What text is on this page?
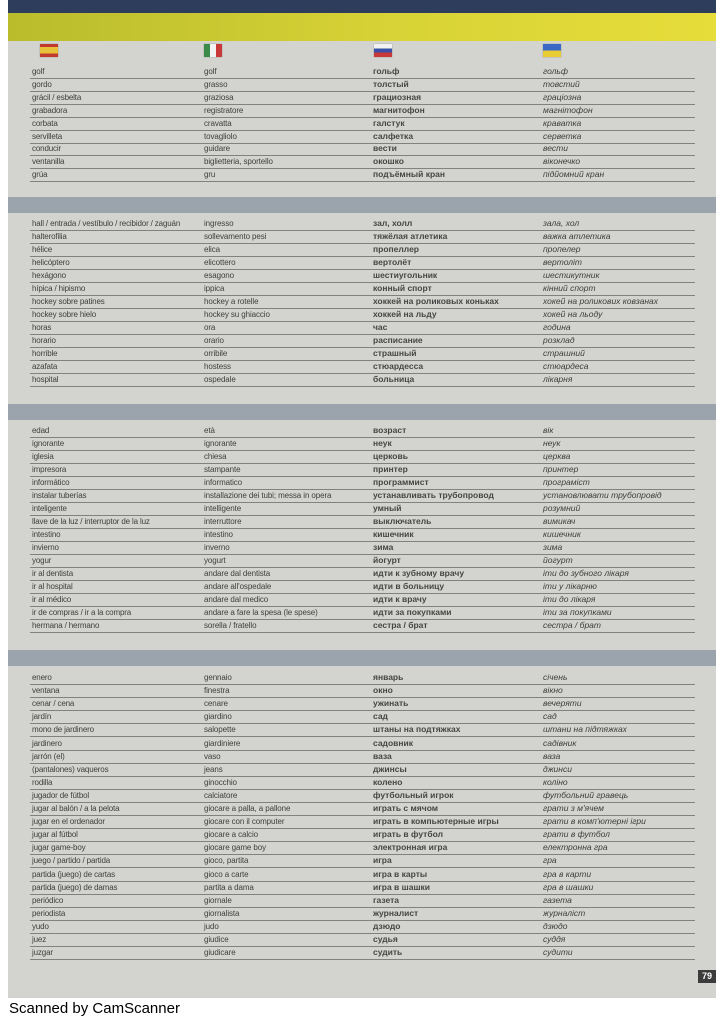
golf	golf	гольф	гольф
gordo	grasso	толстый	товстий
grácil / esbelta	graziosa	грациозная	граціозна
grabadora	registratore	магнитофон	магнітофон
corbata	cravatta	галстук	краватка
servilleta	tovagliolo	салфетка	серветка
conducir	guidare	вести	вести
ventanilla	biglietteria, sportello	окошко	віконечко
grúa	gru	подъёмный кран	підйомний кран
hall / entrada / vestíbulo / recibidor / zaguán	ingresso	зал, холл	зала, хол
halterofilia	sollevamento pesi	тяжёлая атлетика	важка атлетика
hélice	elica	пропеллер	пропелер
helicóptero	elicottero	вертолёт	вертоліт
hexágono	esagono	шестиугольник	шестикутник
hípica / hipismo	ippica	конный спорт	кінний спорт
hockey sobre patines	hockey a rotelle	хоккей на роликовых коньках	хокей на роликових ковзанах
hockey sobre hielo	hockey su ghiaccio	хоккей на льду	хокей на льоду
horas	ora	час	година
horario	orario	расписание	розклад
horrible	orribile	страшный	страшний
azafata	hostess	стюардесса	стюардеса
hospital	ospedale	больница	лікарня
edad	età	возраст	вік
ignorante	ignorante	неук	неук
iglesia	chiesa	церковь	церква
impresora	stampante	принтер	принтер
informático	informatico	программист	програміст
instalar tuberías	installazione dei tubi; messa in opera	устанавливать трубопровод	установлювати трубопровід
inteligente	intelligente	умный	розумний
llave de la luz / interruptor de la luz	interruttore	выключатель	вимикач
intestino	intestino	кишечник	кишечник
invierno	inverno	зима	зима
yogur	yogurt	йогурт	йогурт
ir al dentista	andare dal dentista	идти к зубному врачу	іти до зубного лікаря
ir al hospital	andare all'ospedale	идти в больницу	іти у лікарню
ir al médico	andare dal medico	идти к врачу	іти до лікаря
ir de compras / ir a la compra	andare a fare la spesa (le spese)	идти за покупками	іти за покупками
hermana / hermano	sorella / fratello	сестра / брат	сестра / брат
enero	gennaio	январь	січень
ventana	finestra	окно	вікно
cenar / cena	cenare	ужинать	вечеряти
jardín	giardino	сад	сад
mono de jardinero	salopette	штаны на подтяжках	штани на підтяжках
jardinero	giardiniere	садовник	садівник
jarrón (el)	vaso	ваза	ваза
(pantalones) vaqueros	jeans	джинсы	джинси
rodilla	ginocchio	колено	коліно
jugador de fútbol	calciatore	футбольный игрок	футбольний гравець
jugar al balón / a la pelota	giocare a palla, a pallone	играть с мячом	грати з м'ячем
jugar en el ordenador	giocare con il computer	играть в компьютерные игры	грати в комп'ютерні ігри
jugar al fútbol	giocare a calcio	играть в футбол	грати в футбол
jugar game-boy	giocare game boy	электронная игра	електронна гра
juego / partido / partida	gioco, partita	игра	гра
partida (juego) de cartas	gioco a carte	игра в карты	гра в карти
partida (juego) de damas	partita a dama	игра в шашки	гра в шашки
periódico	giornale	газета	газета
periodista	giornalista	журналист	журналіст
yudo	judo	дзюдо	дзюдо
juez	giudice	судья	суддя
juzgar	giudicare	судить	судити
79
Scanned by CamScanner
